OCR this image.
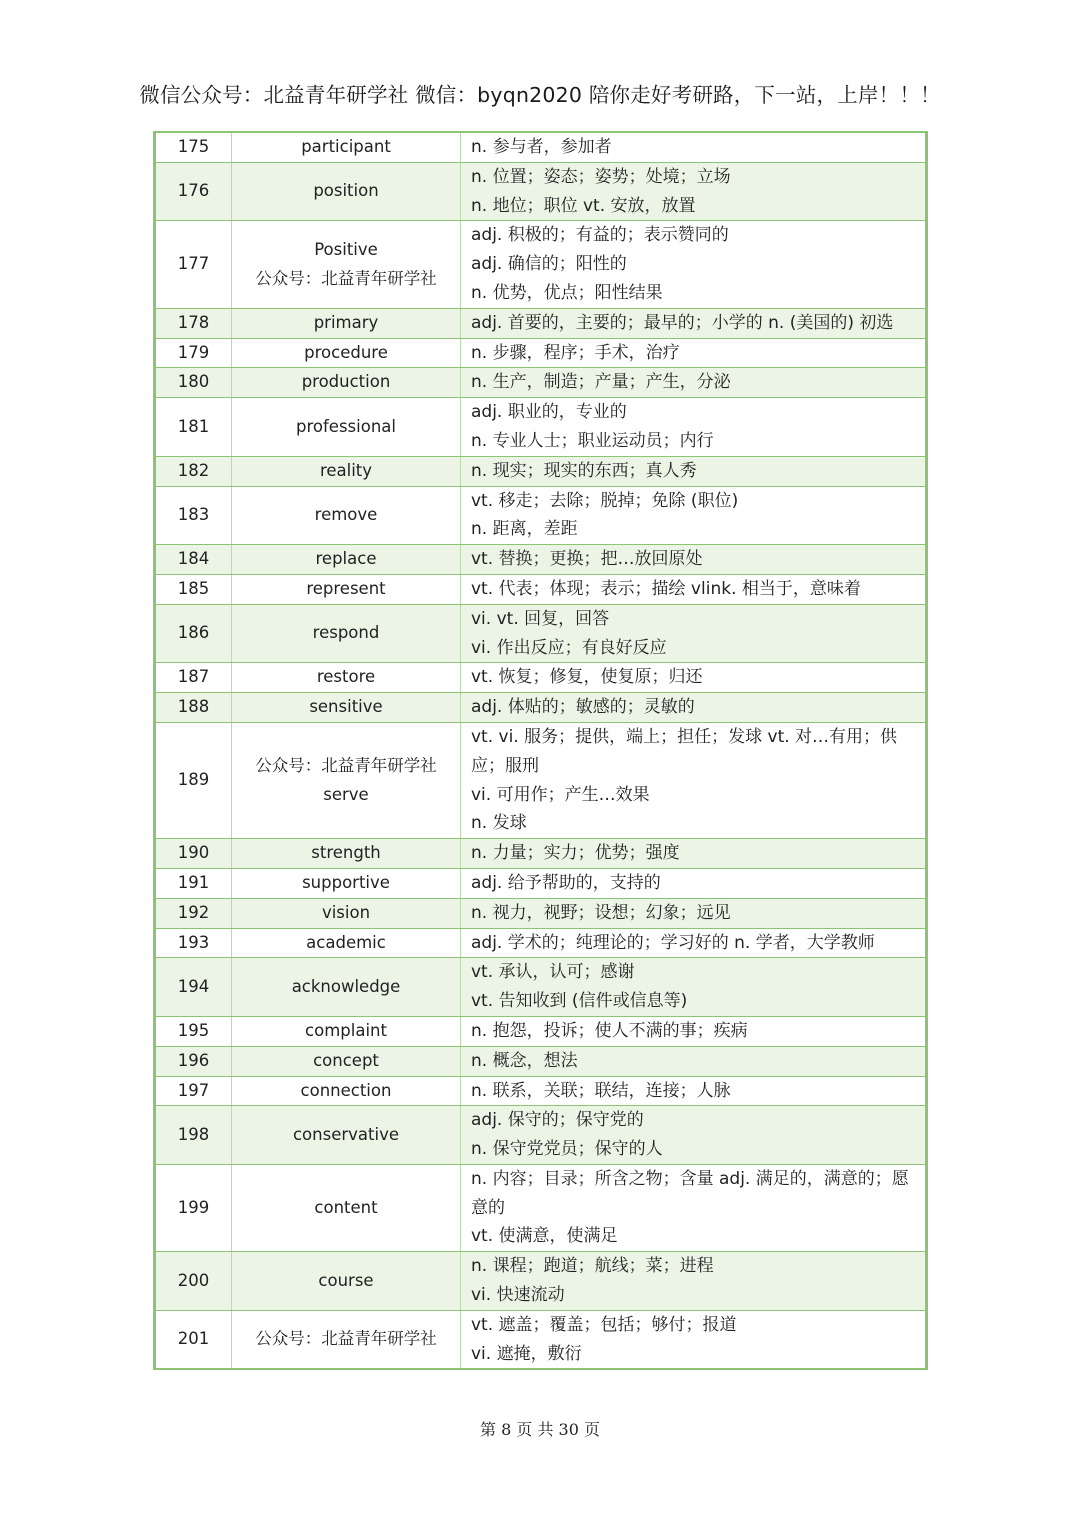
微信公众号：北益青年研学社 微信：byqn2020 陪你走好考研路，下一站，上岸！！！
175	participant	n. 参与者，参加者

176	position	n. 位置；姿态；姿势；处境；立场
n. 地位；职位 vt. 安放，放置

177	Positive
公众号：北益青年研学社	adj. 积极的；有益的；表示赞同的
adj. 确信的；阳性的
n. 优势，优点；阳性结果

178	primary	adj. 首要的，主要的；最早的；小学的 n. (美国的) 初选

179	procedure	n. 步骤，程序；手术，治疗

180	production	n. 生产，制造；产量；产生，分泌

181	professional	adj. 职业的，专业的
n. 专业人士；职业运动员；内行

182	reality	n. 现实；现实的东西；真人秀

183	remove	vt. 移走；去除；脱掉；免除 (职位)
n. 距离，差距

184	replace	vt. 替换；更换；把…放回原处

185	represent	vt. 代表；体现；表示；描绘 vlink. 相当于，意味着

186	respond	vi. vt. 回复，回答
vi. 作出反应；有良好反应

187	restore	vt. 恢复；修复，使复原；归还

188	sensitive	adj. 体贴的；敏感的；灵敏的

189	公众号：北益青年研学社
serve	vt. vi. 服务；提供，端上；担任；发球 vt. 对…有用；供应；服刑
vi. 可用作；产生…效果
n. 发球

190	strength	n. 力量；实力；优势；强度

191	supportive	adj. 给予帮助的，支持的

192	vision	n. 视力，视野；设想；幻象；远见

193	academic	adj. 学术的；纯理论的；学习好的 n. 学者，大学教师

194	acknowledge	vt. 承认，认可；感谢
vt. 告知收到 (信件或信息等)

195	complaint	n. 抱怨，投诉；使人不满的事；疾病

196	concept	n. 概念，想法

197	connection	n. 联系，关联；联结，连接；人脉

198	conservative	adj. 保守的；保守党的
n. 保守党党员；保守的人

199	content	n. 内容；目录；所含之物；含量 adj. 满足的，满意的；愿意的
vt. 使满意，使满足

200	course	n. 课程；跑道；航线；菜；进程
vi. 快速流动

201	公众号：北益青年研学社	vt. 遮盖；覆盖；包括；够付；报道
vi. 遮掩，敷衍
第 8 页 共 30 页
